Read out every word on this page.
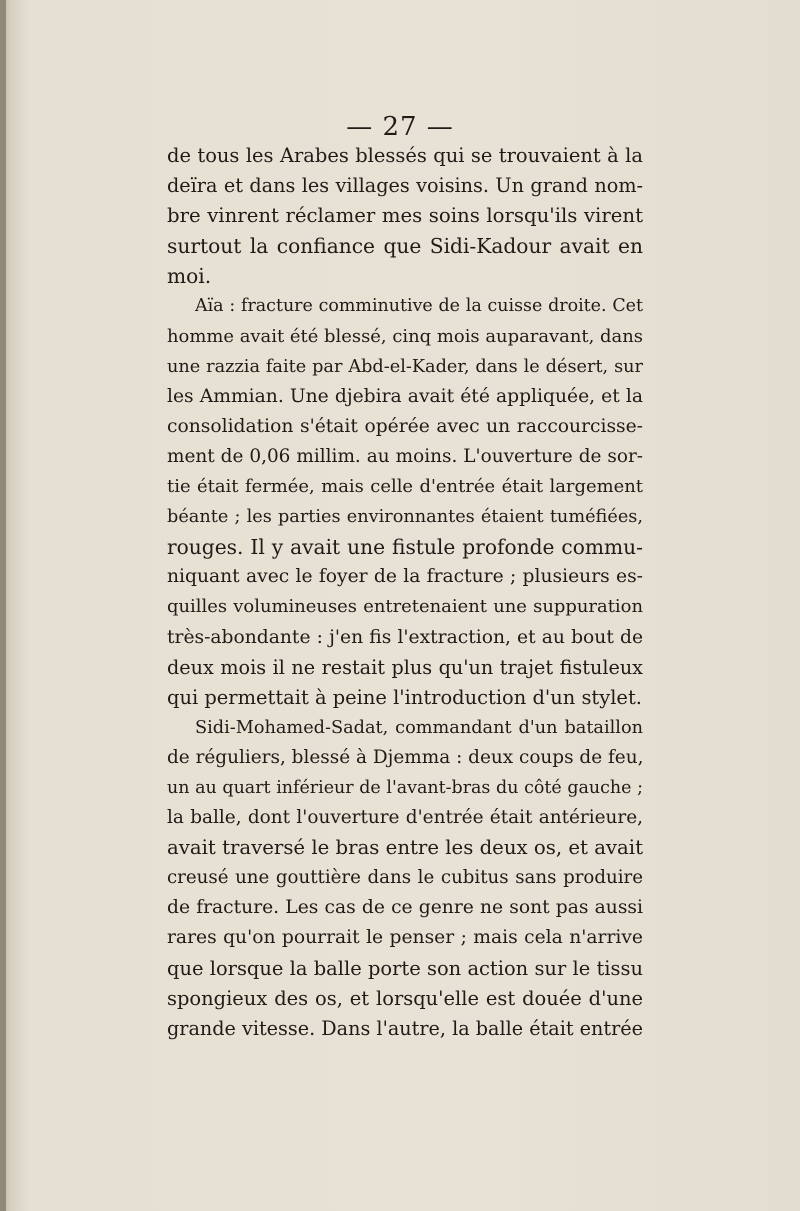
— 27 —
de tous les Arabes blessés qui se trouvaient à la
deïra et dans les villages voisins. Un grand nom-
bre vinrent réclamer mes soins lorsqu'ils virent
surtout la confiance que Sidi-Kadour avait en
moi.
Aïa : fracture comminutive de la cuisse droite. Cet
homme avait été blessé, cinq mois auparavant, dans
une razzia faite par Abd-el-Kader, dans le désert, sur
les Ammian. Une djebira avait été appliquée, et la
consolidation s'était opérée avec un raccourcisse-
ment de 0,06 millim. au moins. L'ouverture de sor-
tie était fermée, mais celle d'entrée était largement
béante ; les parties environnantes étaient tuméfiées,
rouges. Il y avait une fistule profonde commu-
niquant avec le foyer de la fracture ; plusieurs es-
quilles volumineuses entretenaient une suppuration
très-abondante : j'en fis l'extraction, et au bout de
deux mois il ne restait plus qu'un trajet fistuleux
qui permettait à peine l'introduction d'un stylet.
Sidi-Mohamed-Sadat, commandant d'un bataillon
de réguliers, blessé à Djemma : deux coups de feu,
un au quart inférieur de l'avant-bras du côté gauche ;
la balle, dont l'ouverture d'entrée était antérieure,
avait traversé le bras entre les deux os, et avait
creusé une gouttière dans le cubitus sans produire
de fracture. Les cas de ce genre ne sont pas aussi
rares qu'on pourrait le penser ; mais cela n'arrive
que lorsque la balle porte son action sur le tissu
spongieux des os, et lorsqu'elle est douée d'une
grande vitesse. Dans l'autre, la balle était entrée
